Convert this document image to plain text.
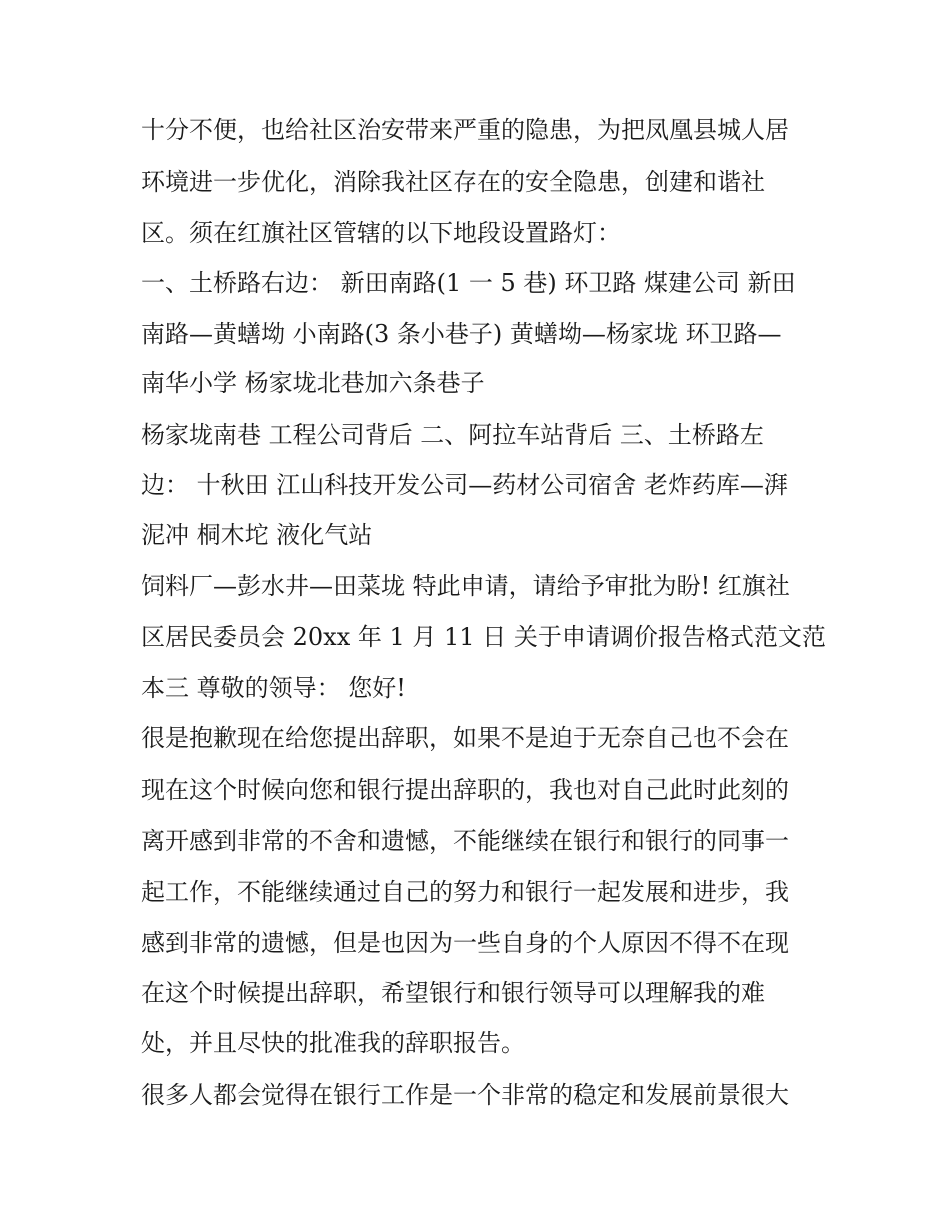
十分不便，也给社区治安带来严重的隐患，为把凤凰县城人居
环境进一步优化，消除我社区存在的安全隐患，创建和谐社
区。须在红旗社区管辖的以下地段设置路灯：
一、土桥路右边： 新田南路(1 一 5 巷) 环卫路 煤建公司 新田
南路—黄蟮坳 小南路(3 条小巷子) 黄蟮坳—杨家垅 环卫路—
南华小学 杨家垅北巷加六条巷子
杨家垅南巷 工程公司背后 二、阿拉车站背后 三、土桥路左
边： 十秋田 江山科技开发公司—药材公司宿舍 老炸药库—湃
泥冲 桐木坨 液化气站
饲料厂—彭水井—田菜垅 特此申请，请给予审批为盼! 红旗社
区居民委员会 20xx 年 1 月 11 日 关于申请调价报告格式范文范
本三 尊敬的领导： 您好!
很是抱歉现在给您提出辞职，如果不是迫于无奈自己也不会在
现在这个时候向您和银行提出辞职的，我也对自己此时此刻的
离开感到非常的不舍和遗憾，不能继续在银行和银行的同事一
起工作，不能继续通过自己的努力和银行一起发展和进步，我
感到非常的遗憾，但是也因为一些自身的个人原因不得不在现
在这个时候提出辞职，希望银行和银行领导可以理解我的难
处，并且尽快的批准我的辞职报告。
很多人都会觉得在银行工作是一个非常的稳定和发展前景很大
